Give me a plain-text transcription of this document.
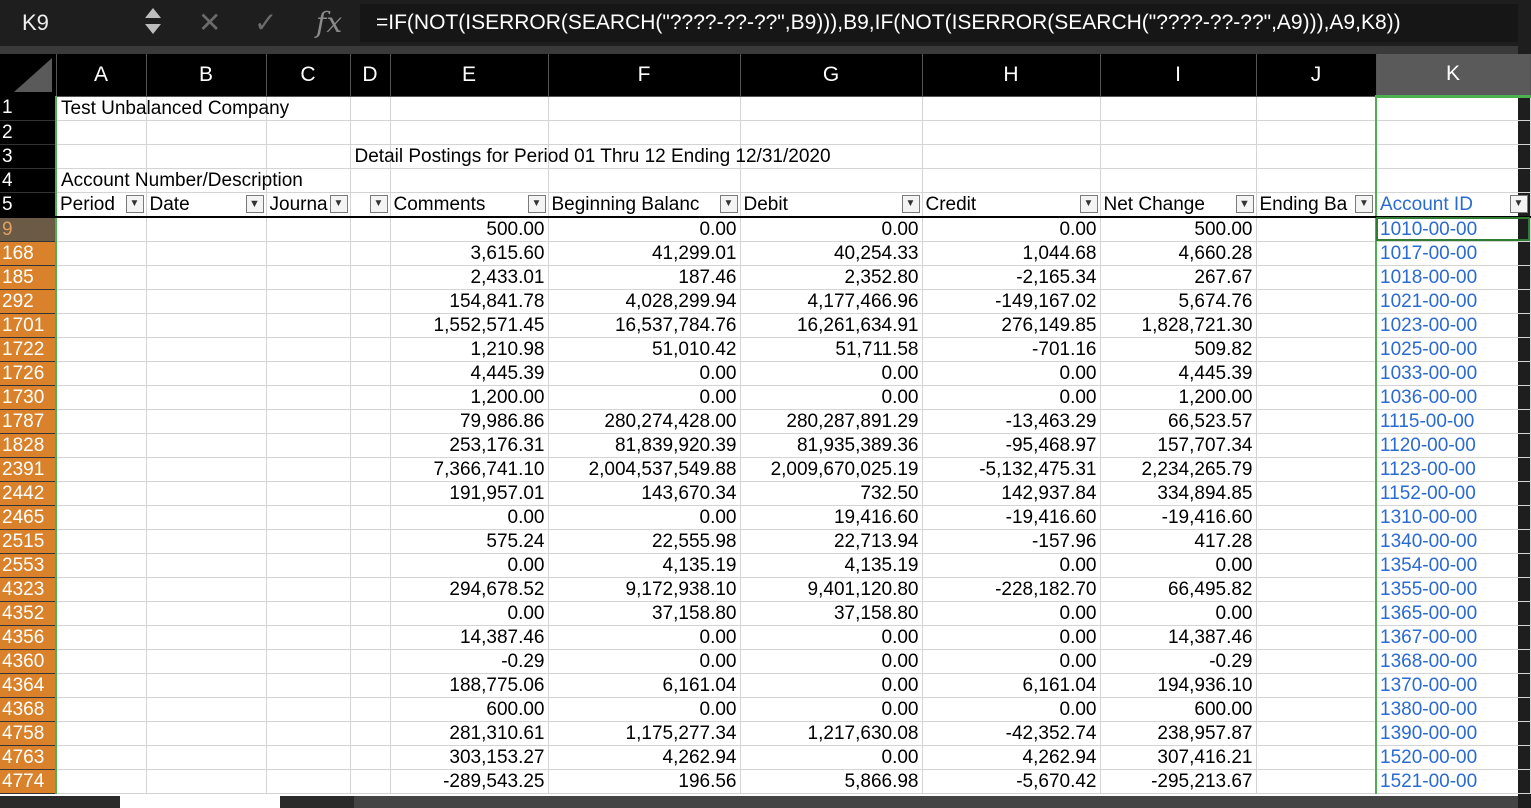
K9	✕ ✓ fx	=IF(NOT(ISERROR(SEARCH("????-??-??",B9))),B9,IF(NOT(ISERROR(SEARCH("????-??-??",A9))),A9,K8))
	A	B	C	D	E	F	G	H	I	J	K
1	Test Unbalanced Company										

2											
3				Detail Postings for Period 01 Thru 12 Ending 12/31/2020							

4	Account Number/Description										

5	Period ▼	Date ▼	Journa ▼	▼	Comments ▼	Beginning Balanc ▼	Debit ▼	Credit ▼	Net Change ▼	Ending Ba ▼	Account ID ▼

9					500.00	0.00	0.00	0.00	500.00		1010-00-00
168					3,615.60	41,299.01	40,254.33	1,044.68	4,660.28		1017-00-00
185					2,433.01	187.46	2,352.80	-2,165.34	267.67		1018-00-00
292					154,841.78	4,028,299.94	4,177,466.96	-149,167.02	5,674.76		1021-00-00
1701					1,552,571.45	16,537,784.76	16,261,634.91	276,149.85	1,828,721.30		1023-00-00
1722					1,210.98	51,010.42	51,711.58	-701.16	509.82		1025-00-00
1726					4,445.39	0.00	0.00	0.00	4,445.39		1033-00-00
1730					1,200.00	0.00	0.00	0.00	1,200.00		1036-00-00
1787					79,986.86	280,274,428.00	280,287,891.29	-13,463.29	66,523.57		1115-00-00
1828					253,176.31	81,839,920.39	81,935,389.36	-95,468.97	157,707.34		1120-00-00
2391					7,366,741.10	2,004,537,549.88	2,009,670,025.19	-5,132,475.31	2,234,265.79		1123-00-00
2442					191,957.01	143,670.34	732.50	142,937.84	334,894.85		1152-00-00
2465					0.00	0.00	19,416.60	-19,416.60	-19,416.60		1310-00-00
2515					575.24	22,555.98	22,713.94	-157.96	417.28		1340-00-00
2553					0.00	4,135.19	4,135.19	0.00	0.00		1354-00-00
4323					294,678.52	9,172,938.10	9,401,120.80	-228,182.70	66,495.82		1355-00-00
4352					0.00	37,158.80	37,158.80	0.00	0.00		1365-00-00
4356					14,387.46	0.00	0.00	0.00	14,387.46		1367-00-00
4360					-0.29	0.00	0.00	0.00	-0.29		1368-00-00
4364					188,775.06	6,161.04	0.00	6,161.04	194,936.10		1370-00-00
4368					600.00	0.00	0.00	0.00	600.00		1380-00-00
4758					281,310.61	1,175,277.34	1,217,630.08	-42,352.74	238,957.87		1390-00-00
4763					303,153.27	4,262.94	0.00	4,262.94	307,416.21		1520-00-00
4774					-289,543.25	196.56	5,866.98	-5,670.42	-295,213.67		1521-00-00
